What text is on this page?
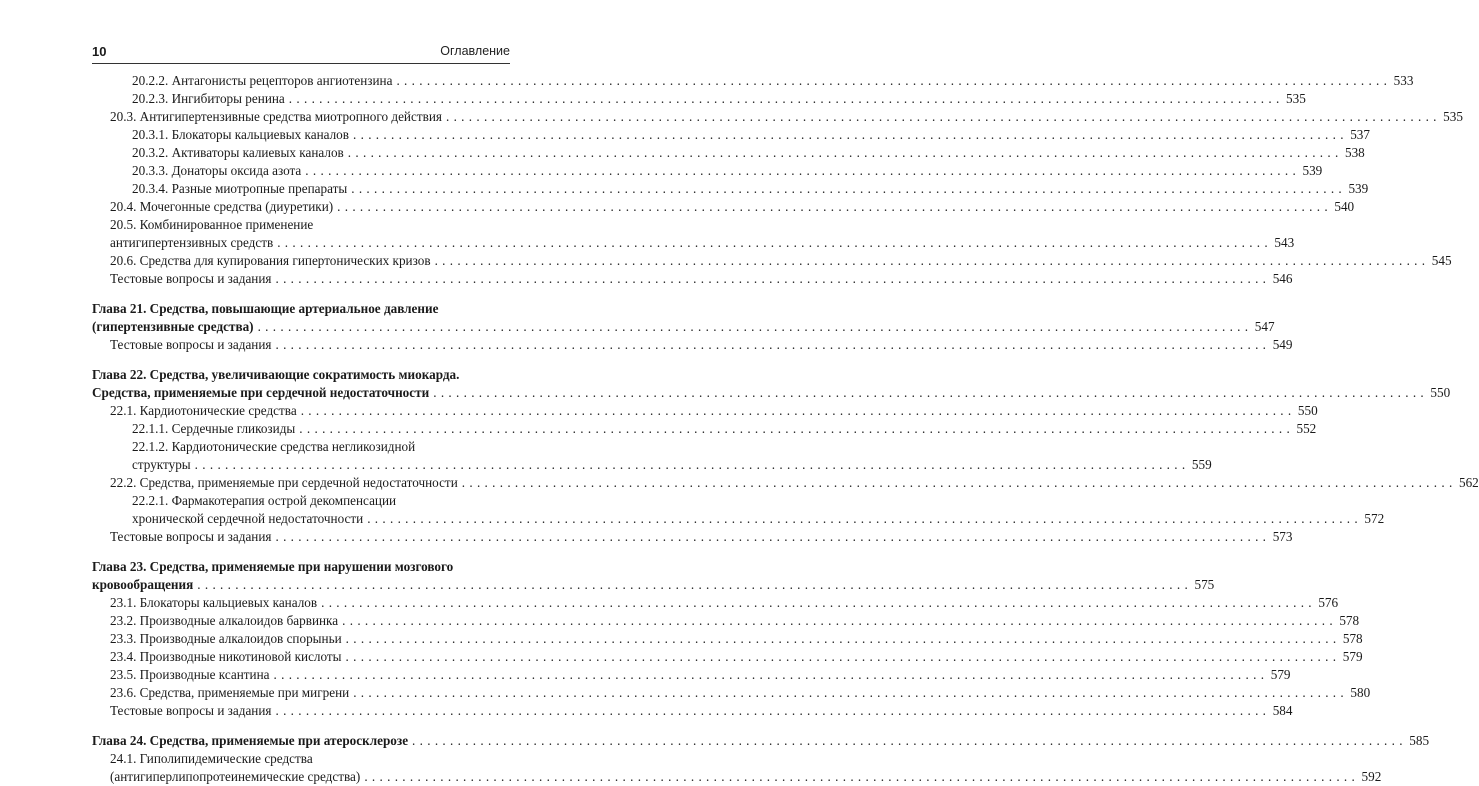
10	Оглавление
20.2.2. Антагонисты рецепторов ангиотензина . . .	533
20.2.3. Ингибиторы ренина . . .	535
20.3. Антигипертензивные средства миотропного действия . . .	535
20.3.1. Блокаторы кальциевых каналов . . .	537
20.3.2. Активаторы калиевых каналов . . .	538
20.3.3. Донаторы оксида азота . . .	539
20.3.4. Разные миотропные препараты . . .	539
20.4. Мочегонные средства (диуретики) . . .	540
20.5. Комбинированное применение
антигипертензивных средств . . .	543
20.6. Средства для купирования гипертонических кризов . . .	545
Тестовые вопросы и задания . . .	546
Глава 21. Средства, повышающие артериальное давление
(гипертензивные средства) . . .	547
Тестовые вопросы и задания . . .	549
Глава 22. Средства, увеличивающие сократимость миокарда.
Средства, применяемые при сердечной недостаточности . . .	550
22.1. Кардиотонические средства . . .	550
22.1.1. Сердечные гликозиды . . .	552
22.1.2. Кардиотонические средства негликозидной
структуры . . .	559
22.2. Средства, применяемые при сердечной недостаточности . . .	562
22.2.1. Фармакотерапия острой декомпенсации
хронической сердечной недостаточности . . .	572
Тестовые вопросы и задания . . .	573
Глава 23. Средства, применяемые при нарушении мозгового
кровообращения . . .	575
23.1. Блокаторы кальциевых каналов . . .	576
23.2. Производные алкалоидов барвинка . . .	578
23.3. Производные алкалоидов спорыньи . . .	578
23.4. Производные никотиновой кислоты . . .	579
23.5. Производные ксантина . . .	579
23.6. Средства, применяемые при мигрени . . .	580
Тестовые вопросы и задания . . .	584
Глава 24. Средства, применяемые при атеросклерозе . . .	585
24.1. Гиполипидемические средства
(антигиперлипопротеинемические средства) . . .	592
